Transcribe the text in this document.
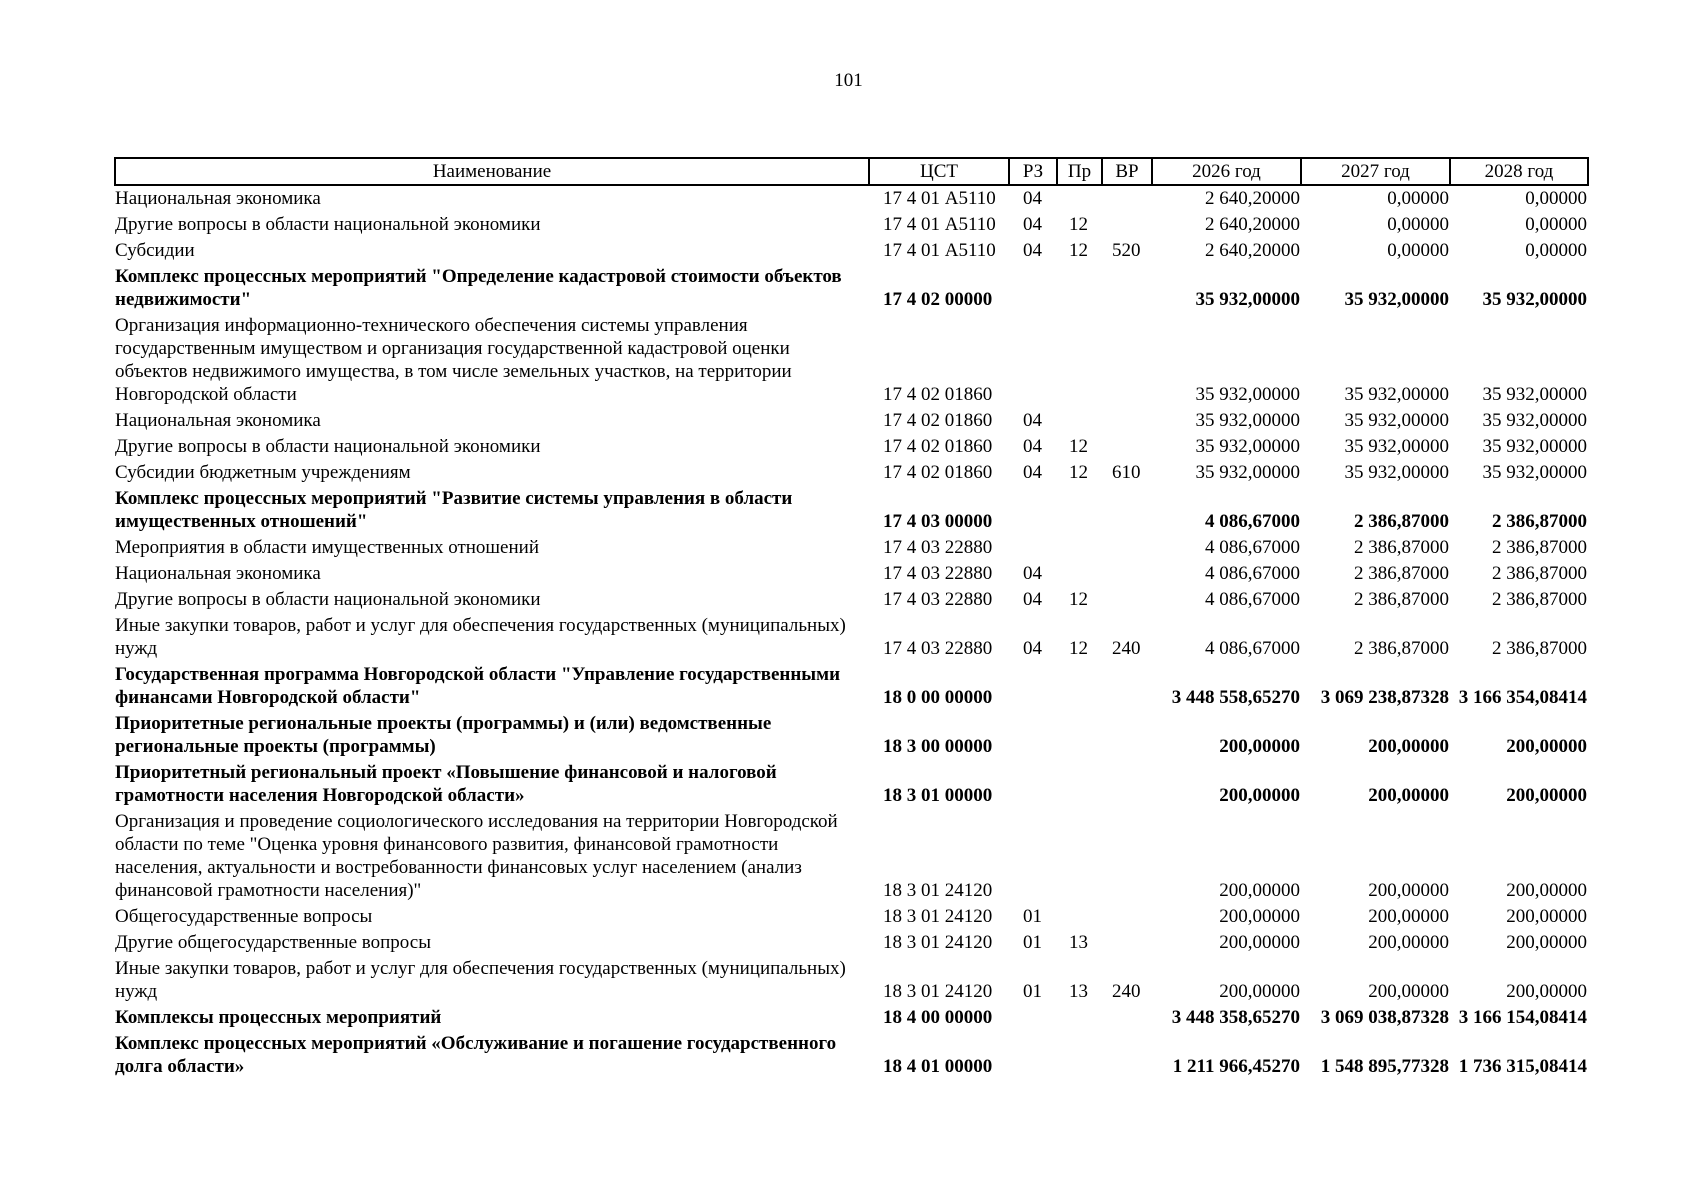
101
Наименование	ЦСТ	РЗ	Пр	ВР	2026 год	2027 год	2028 год
Национальная экономика	17 4 01 А5110	04			2 640,20000	0,00000	0,00000
Другие вопросы в области национальной экономики	17 4 01 А5110	04	12		2 640,20000	0,00000	0,00000
Субсидии	17 4 01 А5110	04	12	520	2 640,20000	0,00000	0,00000
Комплекс процессных мероприятий "Определение кадастровой стоимости объектов недвижимости"	17 4 02 00000				35 932,00000	35 932,00000	35 932,00000
Организация информационно-технического обеспечения системы управления государственным имуществом и организация государственной кадастровой оценки объектов недвижимого имущества, в том числе земельных участков, на территории Новгородской области	17 4 02 01860				35 932,00000	35 932,00000	35 932,00000
Национальная экономика	17 4 02 01860	04			35 932,00000	35 932,00000	35 932,00000
Другие вопросы в области национальной экономики	17 4 02 01860	04	12		35 932,00000	35 932,00000	35 932,00000
Субсидии бюджетным учреждениям	17 4 02 01860	04	12	610	35 932,00000	35 932,00000	35 932,00000
Комплекс процессных мероприятий "Развитие системы управления в области имущественных отношений"	17 4 03 00000				4 086,67000	2 386,87000	2 386,87000
Мероприятия в области имущественных отношений	17 4 03 22880				4 086,67000	2 386,87000	2 386,87000
Национальная экономика	17 4 03 22880	04			4 086,67000	2 386,87000	2 386,87000
Другие вопросы в области национальной экономики	17 4 03 22880	04	12		4 086,67000	2 386,87000	2 386,87000
Иные закупки товаров, работ и услуг для обеспечения государственных (муниципальных) нужд	17 4 03 22880	04	12	240	4 086,67000	2 386,87000	2 386,87000
Государственная программа Новгородской области "Управление государственными финансами Новгородской области"	18 0 00 00000				3 448 558,65270	3 069 238,87328	3 166 354,08414
Приоритетные региональные проекты (программы) и (или) ведомственные региональные проекты (программы)	18 3 00 00000				200,00000	200,00000	200,00000
Приоритетный региональный проект «Повышение финансовой и налоговой грамотности населения Новгородской области»	18 3 01 00000				200,00000	200,00000	200,00000
Организация и проведение социологического исследования на территории Новгородской области по теме "Оценка уровня финансового развития, финансовой грамотности населения, актуальности и востребованности финансовых услуг населением (анализ финансовой грамотности населения)"	18 3 01 24120				200,00000	200,00000	200,00000
Общегосударственные вопросы	18 3 01 24120	01			200,00000	200,00000	200,00000
Другие общегосударственные вопросы	18 3 01 24120	01	13		200,00000	200,00000	200,00000
Иные закупки товаров, работ и услуг для обеспечения государственных (муниципальных) нужд	18 3 01 24120	01	13	240	200,00000	200,00000	200,00000
Комплексы процессных мероприятий	18 4 00 00000				3 448 358,65270	3 069 038,87328	3 166 154,08414
Комплекс процессных мероприятий «Обслуживание и погашение государственного долга области»	18 4 01 00000				1 211 966,45270	1 548 895,77328	1 736 315,08414
